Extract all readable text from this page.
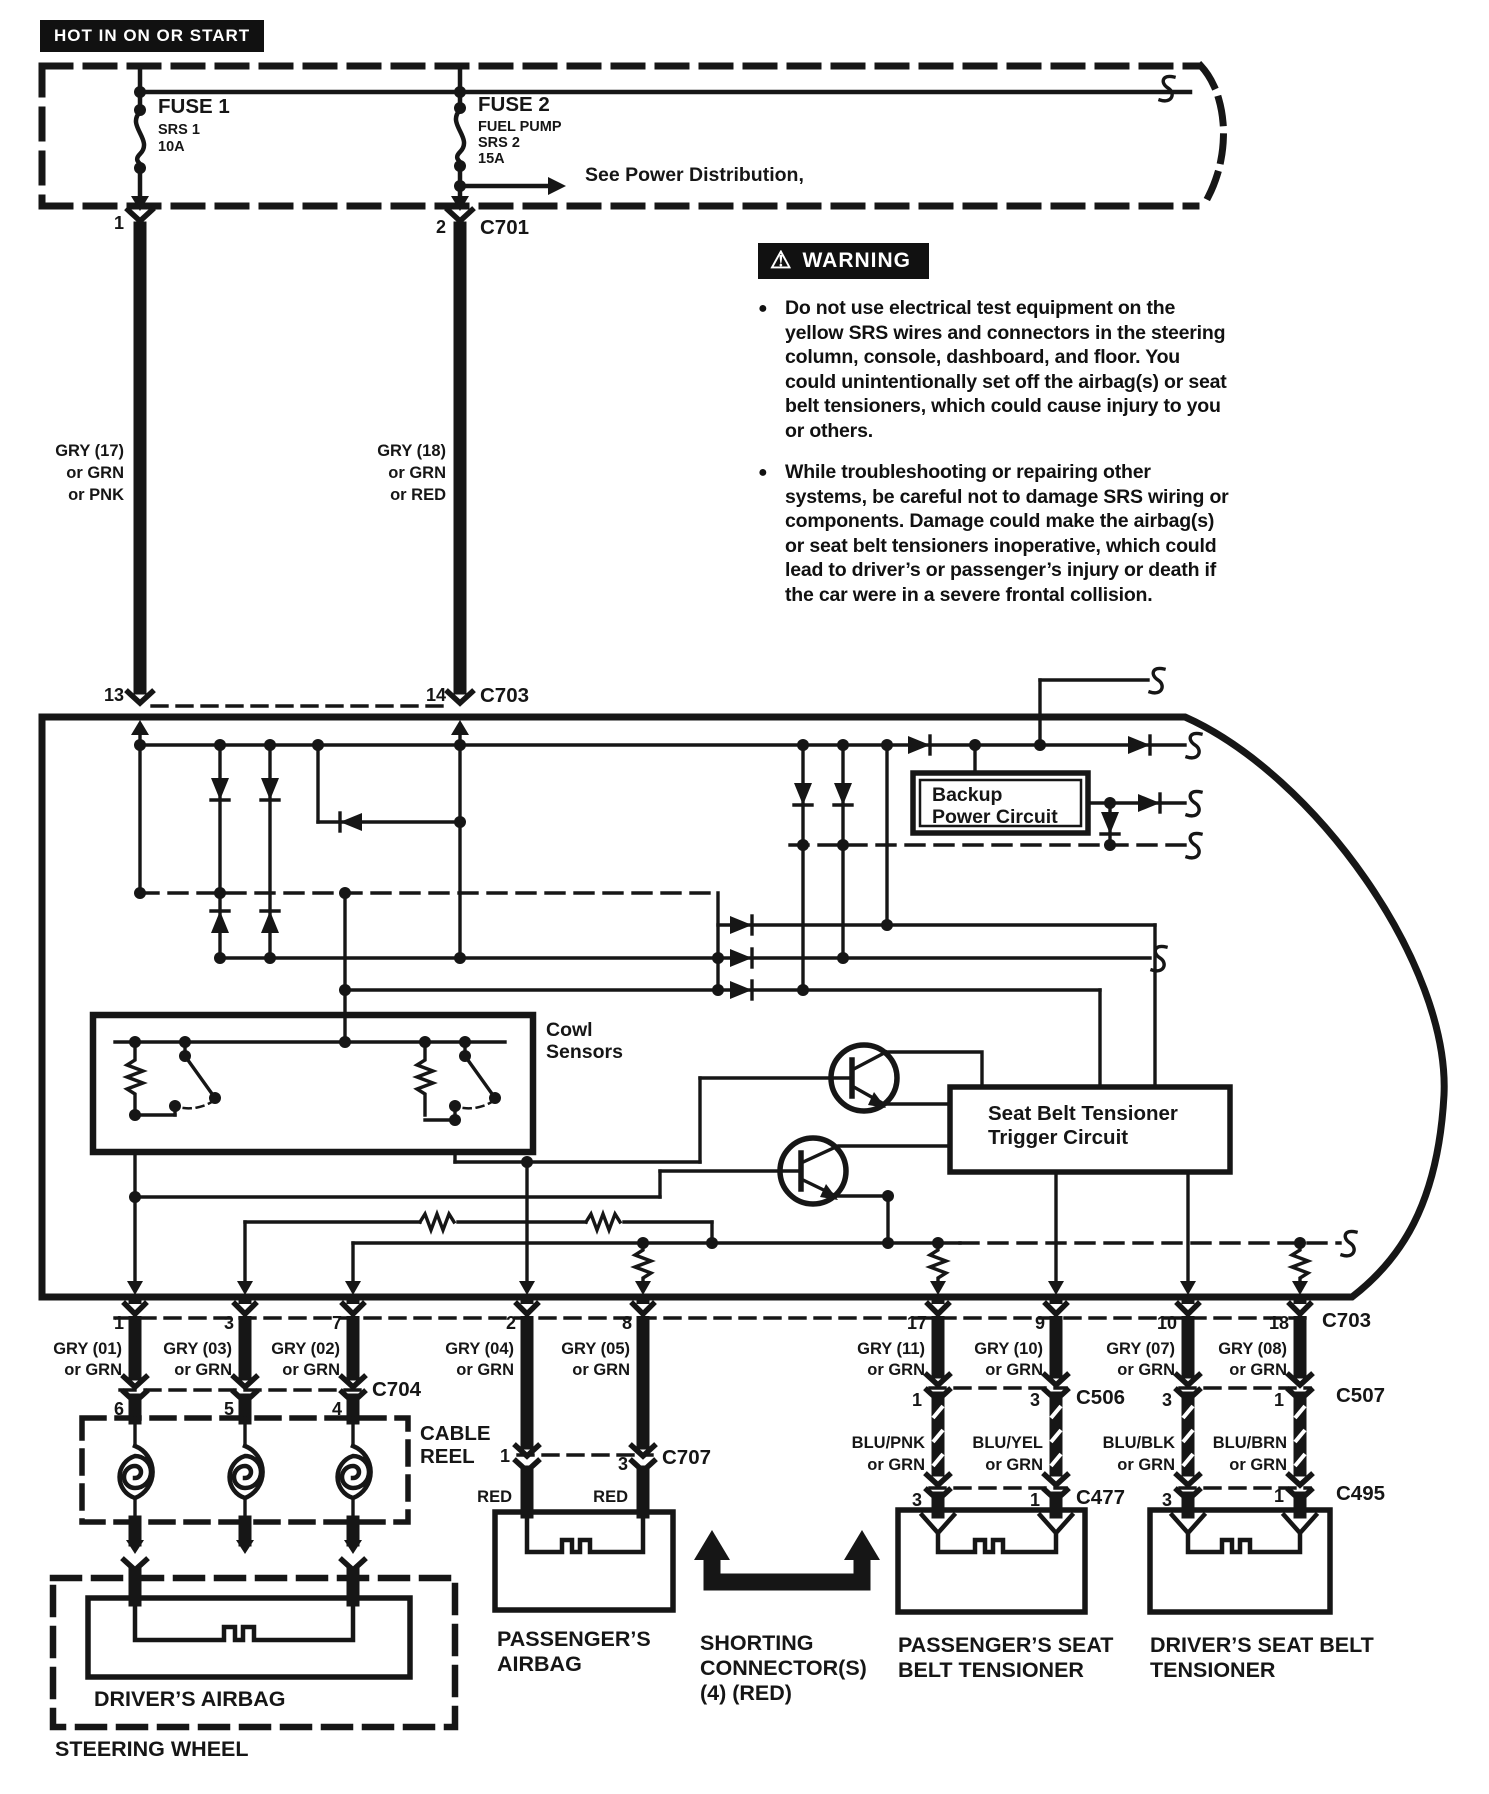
HOT IN ON OR START
⚠ WARNING
● Do not use electrical test equipment on the yellow SRS wires and connectors in the steering column, console, dashboard, and floor. You could unintentionally set off the airbag(s) or seat belt tensioners, which could cause injury to you or others.
● While troubleshooting or repairing other systems, be careful not to damage SRS wiring or components. Damage could make the airbag(s) or seat belt tensioners inoperative, which could lead to driver’s or passenger’s injury or death if the car were in a severe frontal collision.
FUSE 1
SRS 1
10A
FUSE 2
FUEL PUMP
SRS 2
15A
See Power Distribution,
1	2 C701
GRY (17)
or GRN
or PNK
GRY (18)
or GRN
or RED
13	14 C703
Backup
Power Circuit
Cowl
Sensors
Seat Belt Tensioner
Trigger Circuit
C703
1
GRY (01)
or GRN
3
GRY (03)
or GRN
7
GRY (02)
or GRN
2
GRY (04)
or GRN
8
GRY (05)
or GRN
17
GRY (11)
or GRN
9
GRY (10)
or GRN
10
GRY (07)
or GRN
18
GRY (08)
or GRN
C704
6	5	4
CABLE
REEL
STEERING WHEEL
DRIVER’S AIRBAG
1	3 C707
RED	RED
PASSENGER’S
AIRBAG
SHORTING
CONNECTOR(S)
(4) (RED)
1	3 C506 3	1	C507
BLU/PNK
or GRN
BLU/YEL
or GRN
BLU/BLK
or GRN
BLU/BRN
or GRN
3	1 C477 3	1	C495
PASSENGER’S SEAT
BELT TENSIONER
DRIVER’S SEAT BELT
TENSIONER
